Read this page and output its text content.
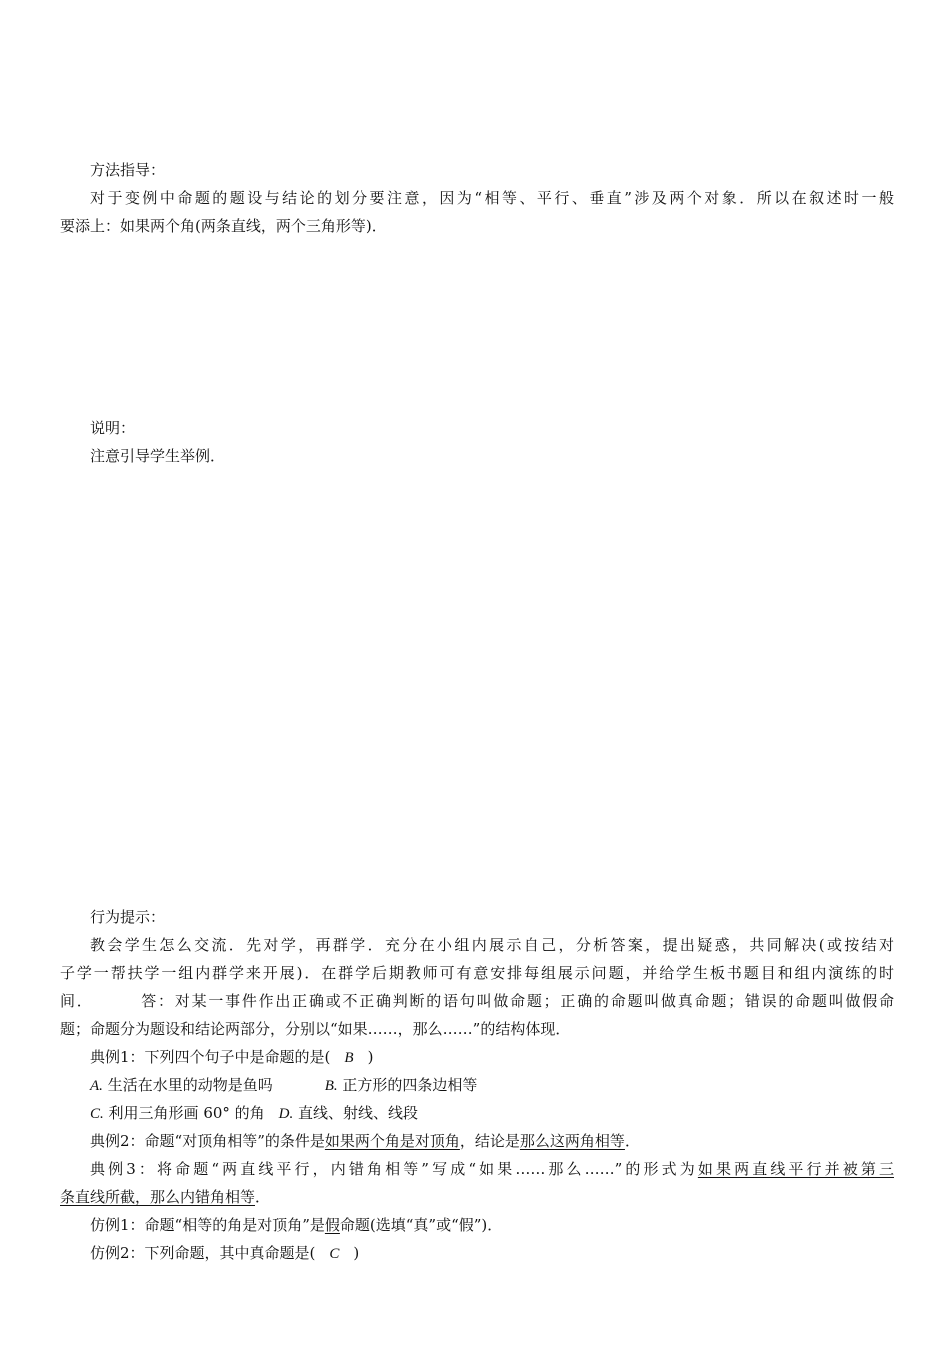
方法指导：
对于变例中命题的题设与结论的划分要注意，因为“相等、平行、垂直”涉及两个对象．所以在叙述时一般
要添上：如果两个角(两条直线，两个三角形等)．
说明：
注意引导学生举例．
行为提示：
教会学生怎么交流．先对学，再群学．充分在小组内展示自己，分析答案，提出疑惑，共同解决(或按结对
子学一帮扶学一组内群学来开展)．在群学后期教师可有意安排每组展示问题，并给学生板书题目和组内演练的时
间．	答：对某一事件作出正确或不正确判断的语句叫做命题；正确的命题叫做真命题；错误的命题叫做假命
题；命题分为题设和结论两部分，分别以“如果……，那么……”的结构体现．
典例1：下列四个句子中是命题的是( B )
A. 生活在水里的动物是鱼吗	B. 正方形的四条边相等
C. 利用三角形画 60° 的角 D. 直线、射线、线段
典例2：命题“对顶角相等”的条件是如果两个角是对顶角，结论是那么这两角相等．
典例3：将命题“两直线平行，内错角相等”写成“如果……那么……”的形式为如果两直线平行并被第三
条直线所截，那么内错角相等．
仿例1：命题“相等的角是对顶角”是假命题(选填“真”或“假”)．
仿例2：下列命题，其中真命题是( C )
